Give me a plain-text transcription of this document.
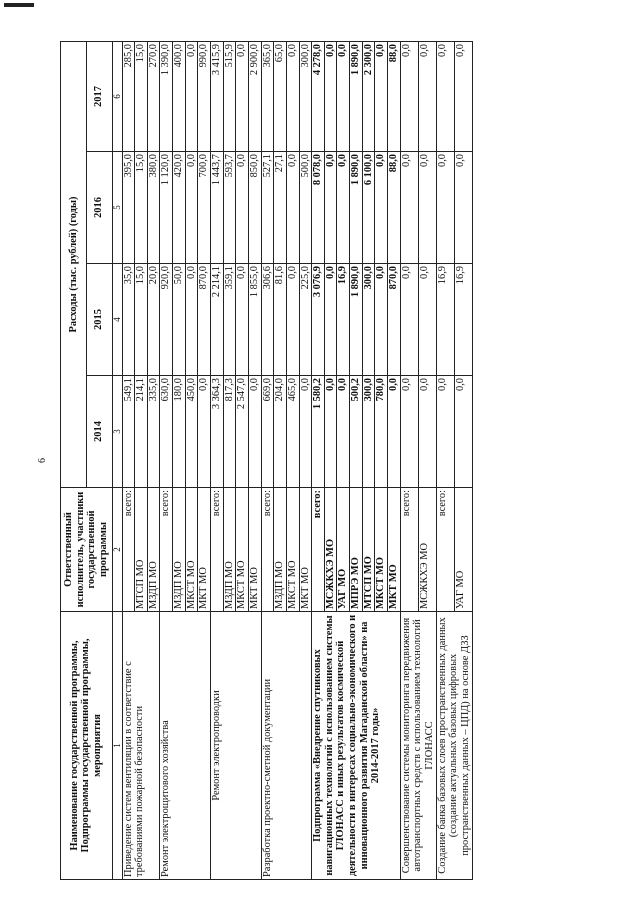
6
Наименование государственной программы, Подпрограммы государственной программы, мероприятия	Ответственный исполнитель, участники государственной программы	Расходы (тыс. рублей) (годы)			
		2014	2015	2016	2017
1	2	3	4	5	6
Приведение систем вентиляции в соответствие с требованиями пожарной безопасности	всего:	549,1	35,0	395,0	285,0
	МТСП МО	214,1	15,0	15,0	15,0
	МЗДП МО	335,0	20,0	380,0	270,0
Ремонт электрощитового хозяйства	всего:	630,0	920,0	1 120,0	1 390,0
	МЗДП МО	180,0	50,0	420,0	400,0
	МКСТ МО	450,0	0,0	0,0	0,0
	МКТ МО	0,0	870,0	700,0	990,0
Ремонт электропроводки	всего:	3 364,3	2 214,1	1 443,7	3 415,9
	МЗДП МО	817,3	359,1	593,7	515,9
	МКСТ МО	2 547,0	0,0	0,0	0,0
	МКТ МО	0,0	1 855,0	850,0	2 900,0
Разработка проектно-сметной документации	всего:	669,0	306,6	527,1	365,0
	МЗДП МО	204,0	81,6	27,1	65,0
	МКСТ МО	465,0	0,0	0,0	0,0
	МКТ МО	0,0	225,0	500,0	300,0
Подпрограмма «Внедрение спутниковых навигационных технологий с использованием системы ГЛОНАСС и иных результатов космической деятельности в интересах социально-экономического и инновационного развития Магаданской области» на 2014-2017 годы»	всего:	1 580,2	3 076,9	8 078,0	4 278,0
	МСЖКХЭ МО	0,0	0,0	0,0	0,0
	УАГ МО	0,0	16,9	0,0	0,0
	МПРЭ МО	500,2	1 890,0	1 890,0	1 890,0
	МТСП МО	300,0	300,0	6 100,0	2 300,0
	МКСТ МО	780,0	0,0	0,0	0,0
	МКТ МО	0,0	870,0	88,0	88,0
Совершенствование системы мониторинга передвижения автотранспортных средств с использованием технологий ГЛОНАСС	всего:	0,0	0,0	0,0	0,0
	МСЖКХЭ МО	0,0	0,0	0,0	0,0
Создание банка базовых слоев пространственных данных (создание актуальных базовых цифровых пространственных данных – ЦПД) на основе ДЗЗ	всего:	0,0	16,9	0,0	0,0
	УАГ МО	0,0	16,9	0,0	0,0
